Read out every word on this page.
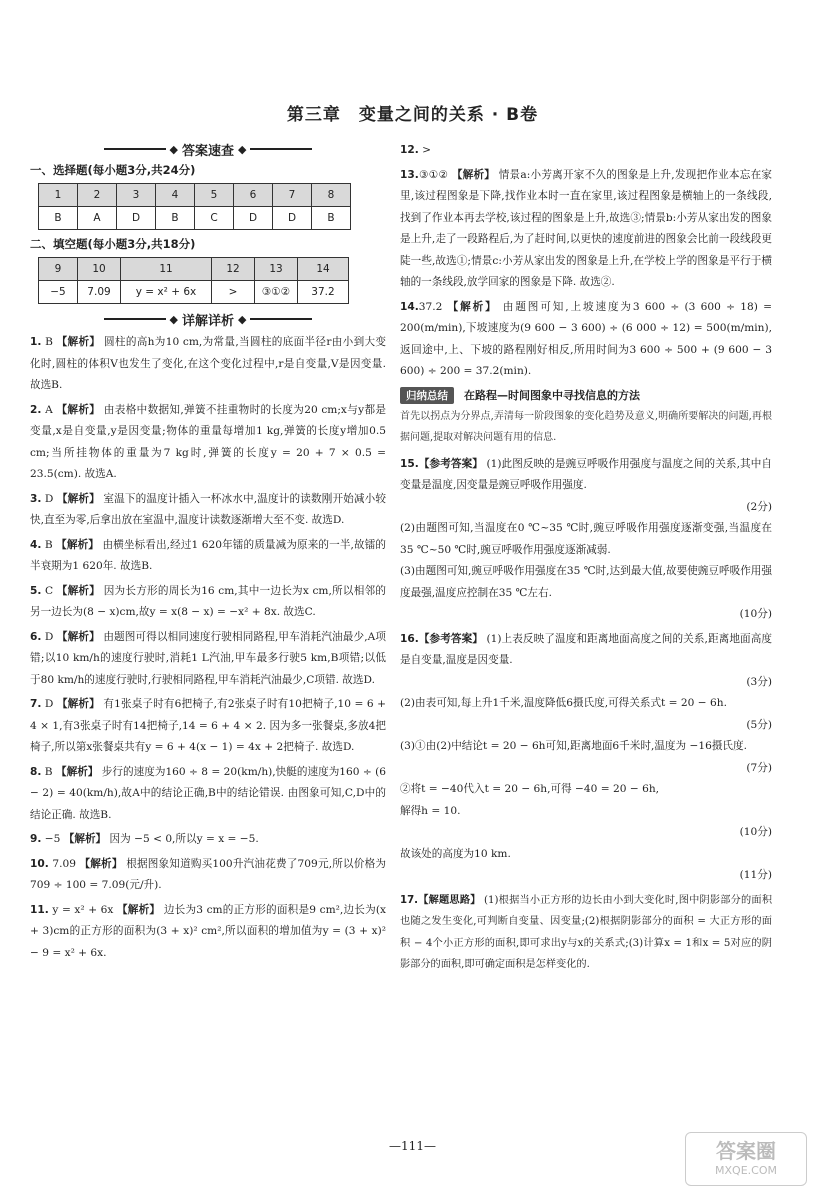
第三章　变量之间的关系 · B卷
◆ 答案速查 ◆
一、选择题(每小题3分,共24分)
1	2	3	4	5	6	7	8
B	A	D	B	C	D	D	B
二、填空题(每小题3分,共18分)
9	10	11	12	13	14
−5	7.09	y = x² + 6x	>	③①②	37.2
◆ 详解详析 ◆

1. B 【解析】 圆柱的高h为10 cm,为常量,当圆柱的底面半径r由小到大变化时,圆柱的体积V也发生了变化,在这个变化过程中,r是自变量,V是因变量. 故选B.

2. A 【解析】 由表格中数据知,弹簧不挂重物时的长度为20 cm;x与y都是变量,x是自变量,y是因变量;物体的重量每增加1 kg,弹簧的长度y增加0.5 cm;当所挂物体的重量为7 kg时,弹簧的长度y = 20 + 7 × 0.5 = 23.5(cm). 故选A.

3. D 【解析】 室温下的温度计插入一杯冰水中,温度计的读数刚开始减小较快,直至为零,后拿出放在室温中,温度计读数逐渐增大至不变. 故选D.

4. B 【解析】 由横坐标看出,经过1 620年镭的质量减为原来的一半,故镭的半衰期为1 620年. 故选B.

5. C 【解析】 因为长方形的周长为16 cm,其中一边长为x cm,所以相邻的另一边长为(8 − x)cm,故y = x(8 − x) = −x² + 8x. 故选C.

6. D 【解析】 由题图可得以相同速度行驶相同路程,甲车消耗汽油最少,A项错;以10 km/h的速度行驶时,消耗1 L汽油,甲车最多行驶5 km,B项错;以低于80 km/h的速度行驶时,行驶相同路程,甲车消耗汽油最少,C项错. 故选D.

7. D 【解析】 有1张桌子时有6把椅子,有2张桌子时有10把椅子,10 = 6 + 4 × 1,有3张桌子时有14把椅子,14 = 6 + 4 × 2. 因为多一张餐桌,多放4把椅子,所以第x张餐桌共有y = 6 + 4(x − 1) = 4x + 2把椅子. 故选D.

8. B 【解析】 步行的速度为160 ÷ 8 = 20(km/h),快艇的速度为160 ÷ (6 − 2) = 40(km/h),故A中的结论正确,B中的结论错误. 由图象可知,C,D中的结论正确. 故选B.

9. −5 【解析】 因为 −5 < 0,所以y = x = −5.

10. 7.09 【解析】 根据图象知道购买100升汽油花费了709元,所以价格为709 ÷ 100 = 7.09(元/升).

11. y = x² + 6x 【解析】 边长为3 cm的正方形的面积是9 cm²,边长为(x + 3)cm的正方形的面积为(3 + x)² cm²,所以面积的增加值为y = (3 + x)² − 9 = x² + 6x.

12. >

13.③①② 【解析】 情景a:小芳离开家不久的图象是上升,发现把作业本忘在家里,该过程图象是下降,找作业本时一直在家里,该过程图象是横轴上的一条线段,找到了作业本再去学校,该过程的图象是上升,故选③;情景b:小芳从家出发的图象是上升,走了一段路程后,为了赶时间,以更快的速度前进的图象会比前一段线段更陡一些,故选①;情景c:小芳从家出发的图象是上升,在学校上学的图象是平行于横轴的一条线段,放学回家的图象是下降. 故选②.

14.37.2 【解析】 由题图可知,上坡速度为3 600 ÷ (3 600 ÷ 18) = 200(m/min),下坡速度为(9 600 − 3 600) ÷ (6 000 ÷ 12) = 500(m/min),返回途中,上、下坡的路程刚好相反,所用时间为3 600 ÷ 500 + (9 600 − 3 600) ÷ 200 = 37.2(min).

归纳总结	在路程—时间图象中寻找信息的方法

首先以拐点为分界点,弄清每一阶段图象的变化趋势及意义,明确所要解决的问题,再根据问题,提取对解决问题有用的信息.

15.【参考答案】 (1)此图反映的是豌豆呼吸作用强度与温度之间的关系,其中自变量是温度,因变量是豌豆呼吸作用强度.
(2分)
(2)由题图可知,当温度在0 ℃~35 ℃时,豌豆呼吸作用强度逐渐变强,当温度在35 ℃~50 ℃时,豌豆呼吸作用强度逐渐减弱.
(3)由题图可知,豌豆呼吸作用强度在35 ℃时,达到最大值,故要使豌豆呼吸作用强度最强,温度应控制在35 ℃左右.
(10分)

16.【参考答案】 (1)上表反映了温度和距离地面高度之间的关系,距离地面高度是自变量,温度是因变量.
(3分)
(2)由表可知,每上升1千米,温度降低6摄氏度,可得关系式t = 20 − 6h.
(5分)
(3)①由(2)中结论t = 20 − 6h可知,距离地面6千米时,温度为 −16摄氏度.
(7分)
②将t = −40代入t = 20 − 6h,可得 −40 = 20 − 6h,
解得h = 10.
(10分)
故该处的高度为10 km.
(11分)

17.【解题思路】 (1)根据当小正方形的边长由小到大变化时,图中阴影部分的面积也随之发生变化,可判断自变量、因变量;(2)根据阴影部分的面积 = 大正方形的面积 − 4个小正方形的面积,即可求出y与x的关系式;(3)计算x = 1和x = 5对应的阴影部分的面积,即可确定面积是怎样变化的.

—111—	答案圈
MXQE.COM
